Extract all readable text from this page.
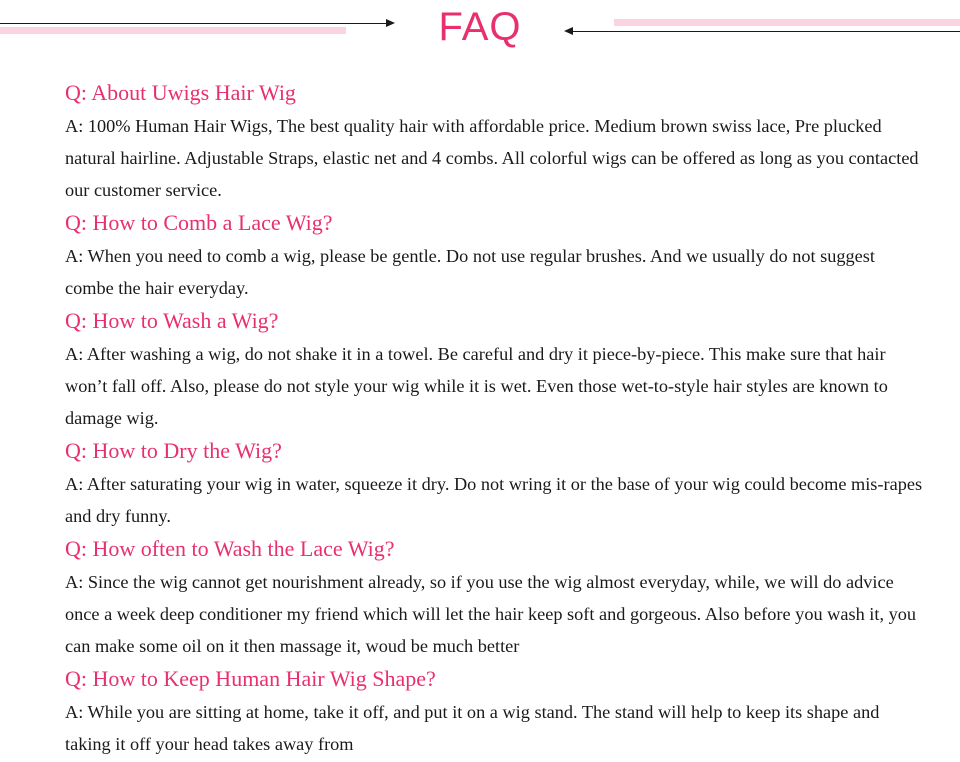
FAQ

Q: About Uwigs Hair Wig

A: 100% Human Hair Wigs, The best quality hair with affordable price. Medium brown swiss lace, Pre plucked natural hairline. Adjustable Straps, elastic net and 4 combs. All colorful wigs can be offered as long as you contacted our customer service.

Q: How to Comb a Lace Wig?

A: When you need to comb a wig, please be gentle. Do not use regular brushes. And we usually do not suggest combe the hair everyday.

Q: How to Wash a Wig?

A: After washing a wig, do not shake it in a towel. Be careful and dry it piece-by-piece. This make sure that hair won’t fall off. Also, please do not style your wig while it is wet. Even those wet-to-style hair styles are known to damage wig.

Q: How to Dry the Wig?

A: After saturating your wig in water, squeeze it dry. Do not wring it or the base of your wig could become mis-rapes and dry funny.

Q: How often to Wash the Lace Wig?

A: Since the wig cannot get nourishment already, so if you use the wig almost everyday, while, we will do advice once a week deep conditioner my friend which will let the hair keep soft and gorgeous. Also before you wash it, you can make some oil on it then massage it, woud be much better

Q: How to Keep Human Hair Wig Shape?

A: While you are sitting at home, take it off, and put it on a wig stand. The stand will help to keep its shape and taking it off your head takes away from
